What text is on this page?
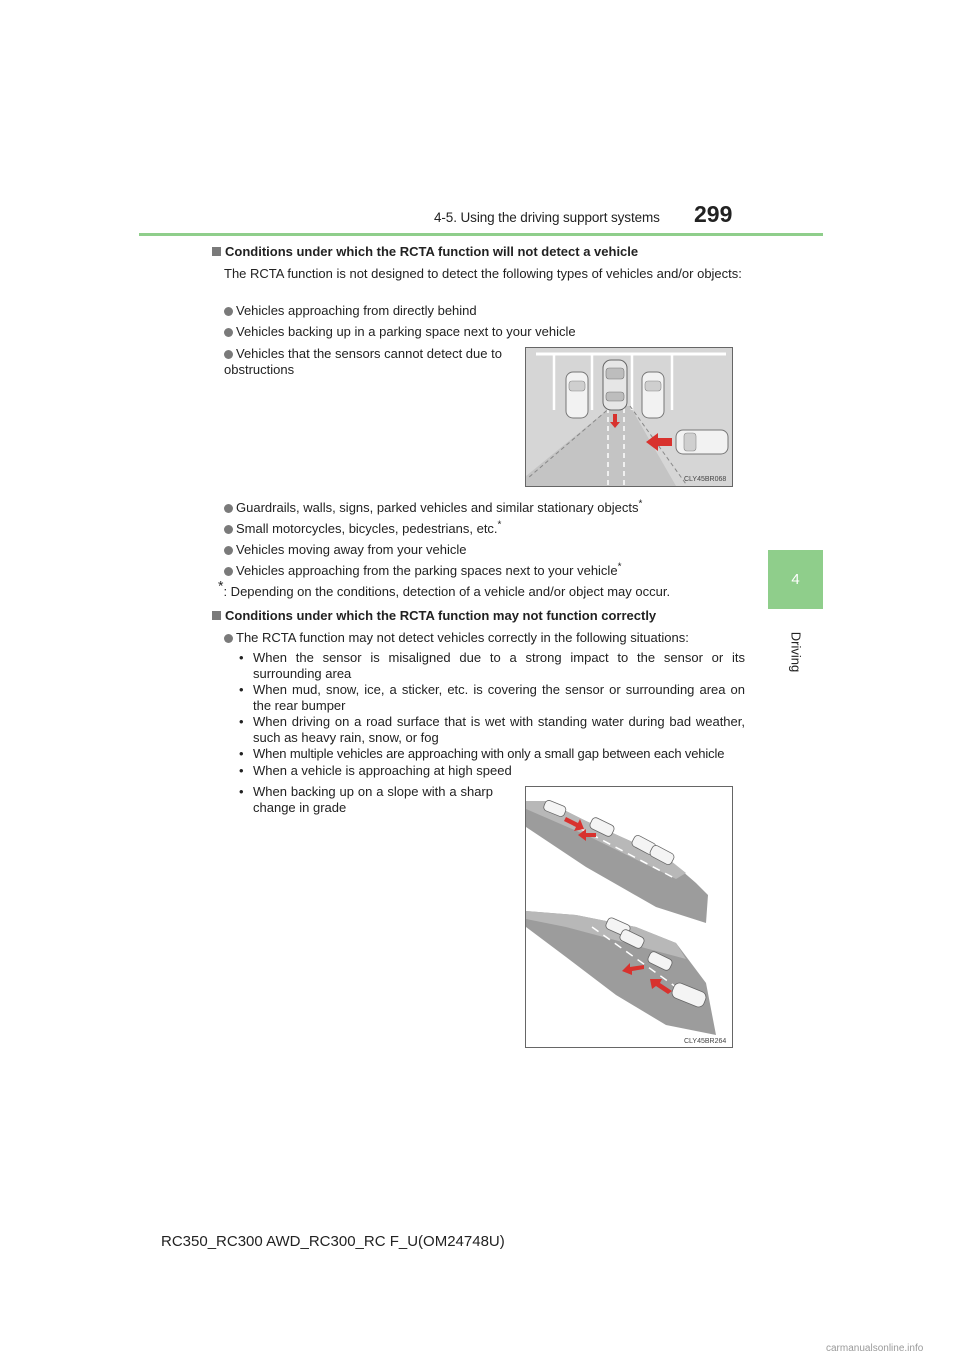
4-5. Using the driving support systems	299
4
Driving
Conditions under which the RCTA function will not detect a vehicle
The RCTA function is not designed to detect the following types of vehicles and/or objects:
Vehicles approaching from directly behind
Vehicles backing up in a parking space next to your vehicle
Vehicles that the sensors cannot detect due to obstructions
Guardrails, walls, signs, parked vehicles and similar stationary objects*
Small motorcycles, bicycles, pedestrians, etc.*
Vehicles moving away from your vehicle
Vehicles approaching from the parking spaces next to your vehicle*
*: Depending on the conditions, detection of a vehicle and/or object may occur.
Conditions under which the RCTA function may not function correctly
The RCTA function may not detect vehicles correctly in the following situations:
• When the sensor is misaligned due to a strong impact to the sensor or its surrounding area
• When mud, snow, ice, a sticker, etc. is covering the sensor or surrounding area on the rear bumper
• When driving on a road surface that is wet with standing water during bad weather, such as heavy rain, snow, or fog
• When multiple vehicles are approaching with only a small gap between each vehicle
• When a vehicle is approaching at high speed
• When backing up on a slope with a sharp change in grade
CLY45BR068
CLY45BR264
RC350_RC300 AWD_RC300_RC F_U(OM24748U)
carmanualsonline.info
